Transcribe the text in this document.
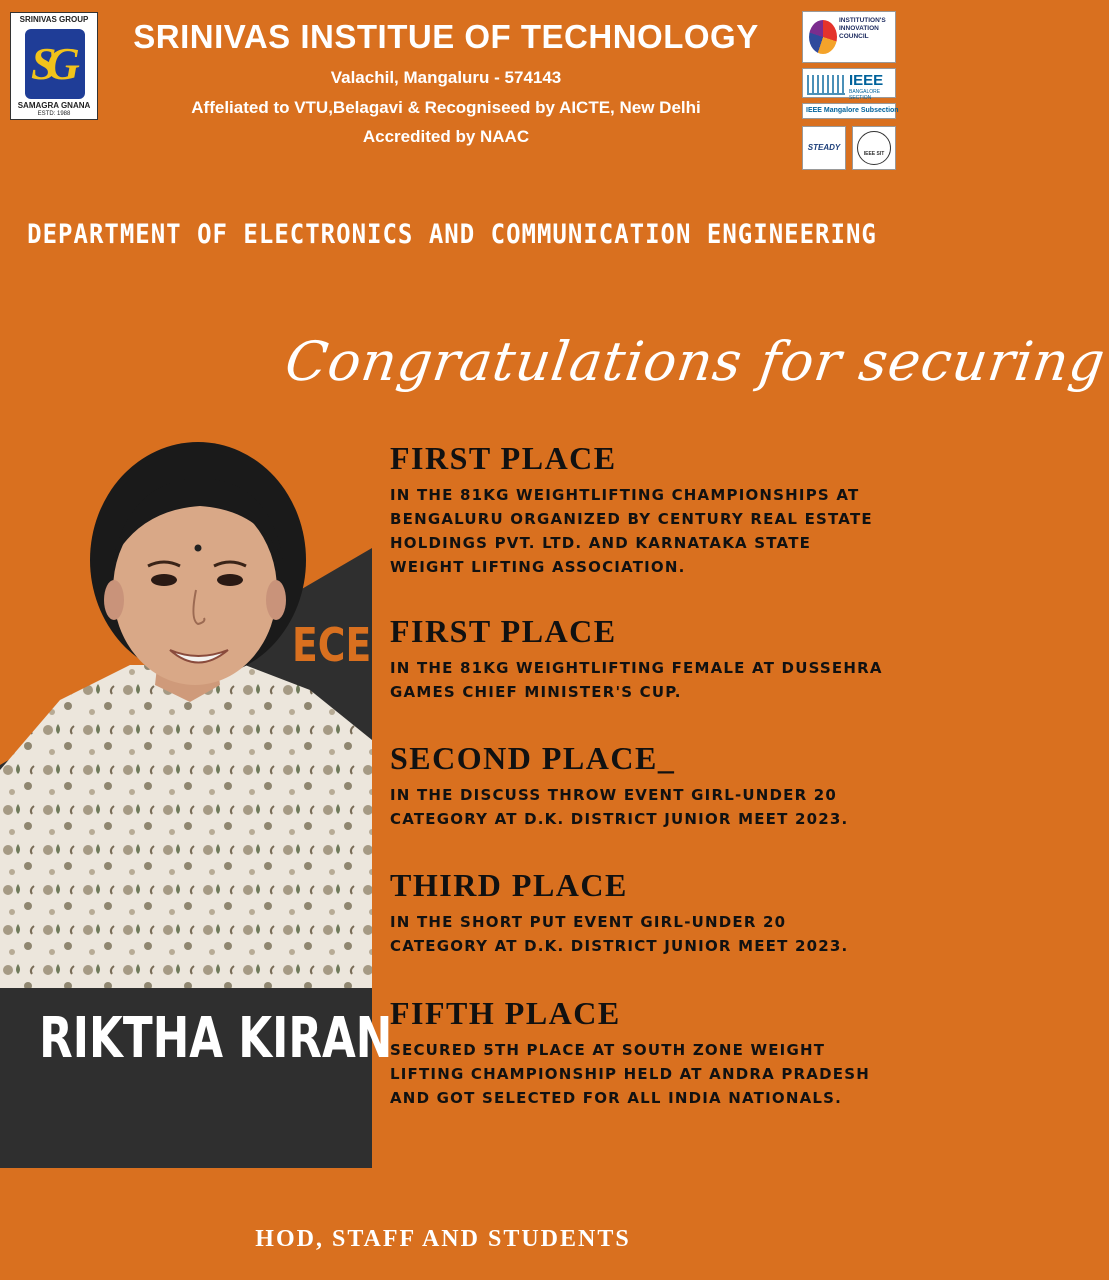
SRINIVAS GROUP
SG
SAMAGRA GNANA
ESTD: 1988
SRINIVAS INSTITUE OF TECHNOLOGY
Valachil, Mangaluru - 574143
Affeliated to VTU,Belagavi & Recogniseed by AICTE, New Delhi
Accredited by NAAC
INSTITUTION'S INNOVATION COUNCIL
IEEE
BANGALORE SECTION
IEEE Mangalore Subsection
STEADY
IEEE SIT
DEPARTMENT OF ELECTRONICS AND COMMUNICATION ENGINEERING
Congratulations for securing
ECE
RIKTHA KIRAN
FIRST PLACE
IN THE 81KG WEIGHTLIFTING CHAMPIONSHIPS AT
BENGALURU ORGANIZED BY CENTURY REAL ESTATE
HOLDINGS PVT. LTD. AND KARNATAKA STATE
WEIGHT LIFTING ASSOCIATION.
FIRST PLACE
IN THE 81KG WEIGHTLIFTING FEMALE AT DUSSEHRA
GAMES CHIEF MINISTER'S CUP.
SECOND PLACE_
IN THE DISCUSS THROW EVENT GIRL-UNDER 20
CATEGORY AT D.K. DISTRICT JUNIOR MEET 2023.
THIRD PLACE
IN THE SHORT PUT EVENT GIRL-UNDER 20
CATEGORY AT D.K. DISTRICT JUNIOR MEET 2023.
FIFTH PLACE
SECURED 5TH PLACE AT SOUTH ZONE WEIGHT
LIFTING CHAMPIONSHIP HELD AT ANDRA PRADESH
AND GOT SELECTED FOR ALL INDIA NATIONALS.
HOD, STAFF AND STUDENTS
